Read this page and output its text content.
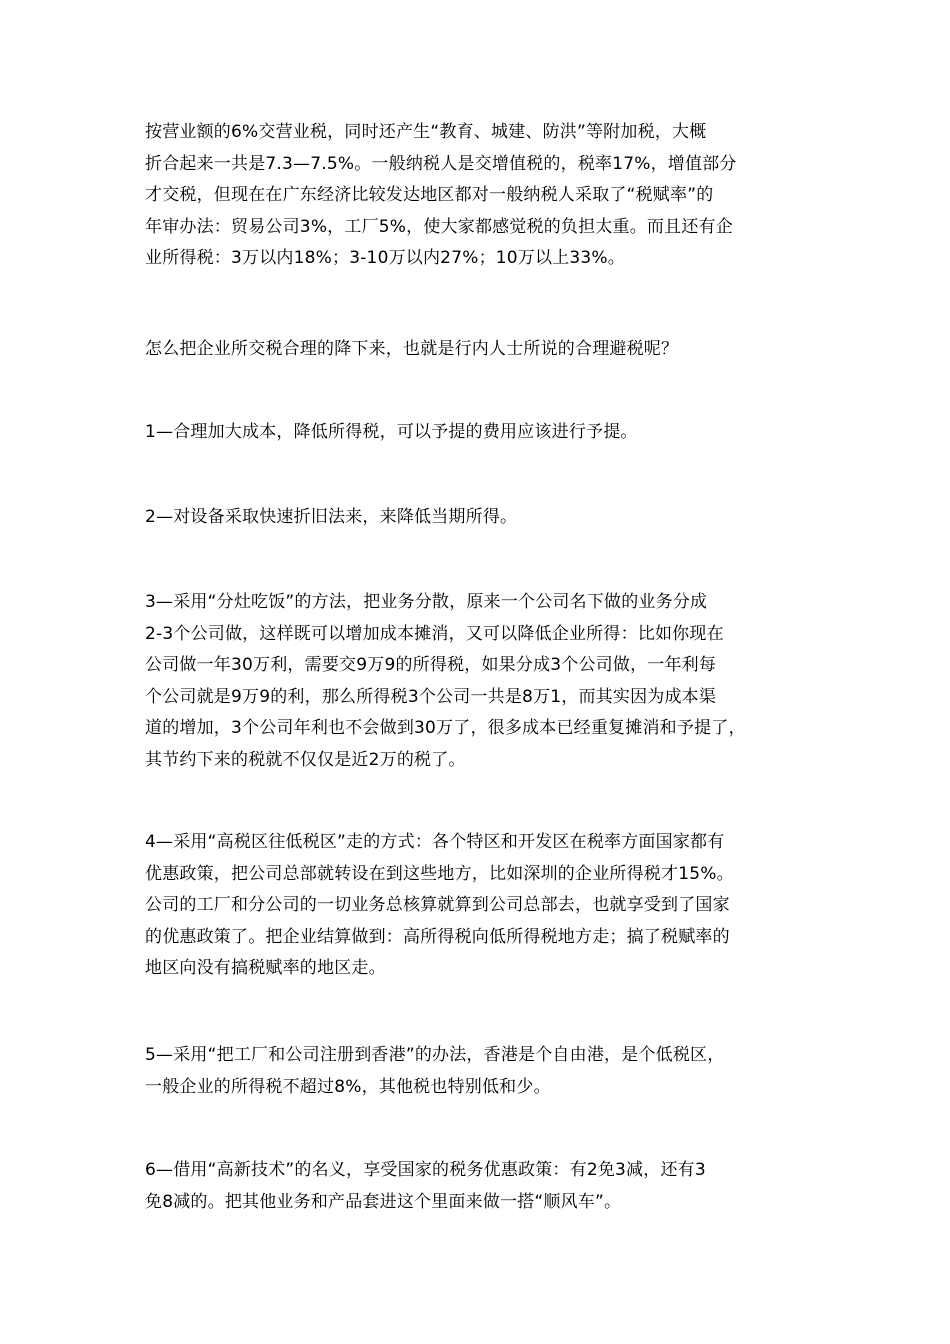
按营业额的6%交营业税，同时还产生“教育、城建、防洪”等附加税，大概
折合起来一共是7.3—7.5%。一般纳税人是交增值税的，税率17%，增值部分
才交税，但现在在广东经济比较发达地区都对一般纳税人采取了“税赋率”的
年审办法：贸易公司3%，工厂5%，使大家都感觉税的负担太重。而且还有企
业所得税：3万以内18%；3-10万以内27%；10万以上33%。
怎么把企业所交税合理的降下来，也就是行内人士所说的合理避税呢？
1—合理加大成本，降低所得税，可以予提的费用应该进行予提。
2—对设备采取快速折旧法来，来降低当期所得。
3—采用“分灶吃饭”的方法，把业务分散，原来一个公司名下做的业务分成
2-3个公司做，这样既可以增加成本摊消，又可以降低企业所得：比如你现在
公司做一年30万利，需要交9万9的所得税，如果分成3个公司做，一年利每
个公司就是9万9的利，那么所得税3个公司一共是8万1，而其实因为成本渠
道的增加，3个公司年利也不会做到30万了，很多成本已经重复摊消和予提了，
其节约下来的税就不仅仅是近2万的税了。
4—采用“高税区往低税区”走的方式：各个特区和开发区在税率方面国家都有
优惠政策，把公司总部就转设在到这些地方，比如深圳的企业所得税才15%。
公司的工厂和分公司的一切业务总核算就算到公司总部去，也就享受到了国家
的优惠政策了。把企业结算做到：高所得税向低所得税地方走；搞了税赋率的
地区向没有搞税赋率的地区走。
5—采用“把工厂和公司注册到香港”的办法，香港是个自由港，是个低税区，
一般企业的所得税不超过8%，其他税也特别低和少。
6—借用“高新技术”的名义，享受国家的税务优惠政策：有2免3减，还有3
免8减的。把其他业务和产品套进这个里面来做一搭“顺风车”。
